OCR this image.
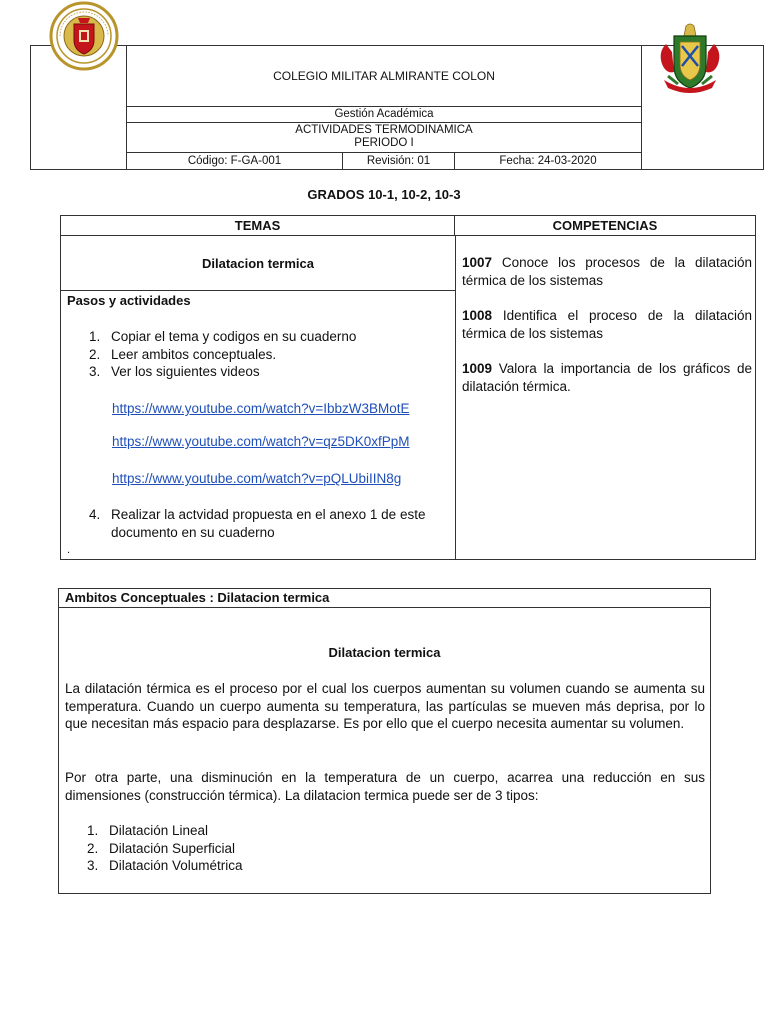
COLEGIO MILITAR ALMIRANTE COLON
Gestión Académica
ACTIVIDADES TERMODINAMICA
PERIODO I
Código: F-GA-001	Revisión: 01	Fecha: 24-03-2020
GRADOS 10-1, 10-2, 10-3
TEMAS	COMPETENCIAS
Dilatacion termica
Pasos y actividades
1. Copiar el tema y codigos en su cuaderno
2. Leer ambitos conceptuales.
3. Ver los siguientes videos
https://www.youtube.com/watch?v=IbbzW3BMotE
https://www.youtube.com/watch?v=qz5DK0xfPpM
https://www.youtube.com/watch?v=pQLUbiIIN8g
4. Realizar la actvidad propuesta en el anexo 1 de este documento en su cuaderno
.
1007 Conoce los procesos de la dilatación térmica de los sistemas
1008 Identifica el proceso de la dilatación térmica de los sistemas
1009 Valora la importancia de los gráficos de dilatación térmica.
Ambitos Conceptuales : Dilatacion termica
Dilatacion termica
La dilatación térmica es el proceso por el cual los cuerpos aumentan su volumen cuando se aumenta su temperatura. Cuando un cuerpo aumenta su temperatura, las partículas se mueven más deprisa, por lo que necesitan más espacio para desplazarse. Es por ello que el cuerpo necesita aumentar su volumen.
Por otra parte, una disminución en la temperatura de un cuerpo, acarrea una reducción en sus dimensiones (construcción térmica). La dilatacion termica puede ser de 3 tipos:
1. Dilatación Lineal
2. Dilatación Superficial
3. Dilatación Volumétrica
